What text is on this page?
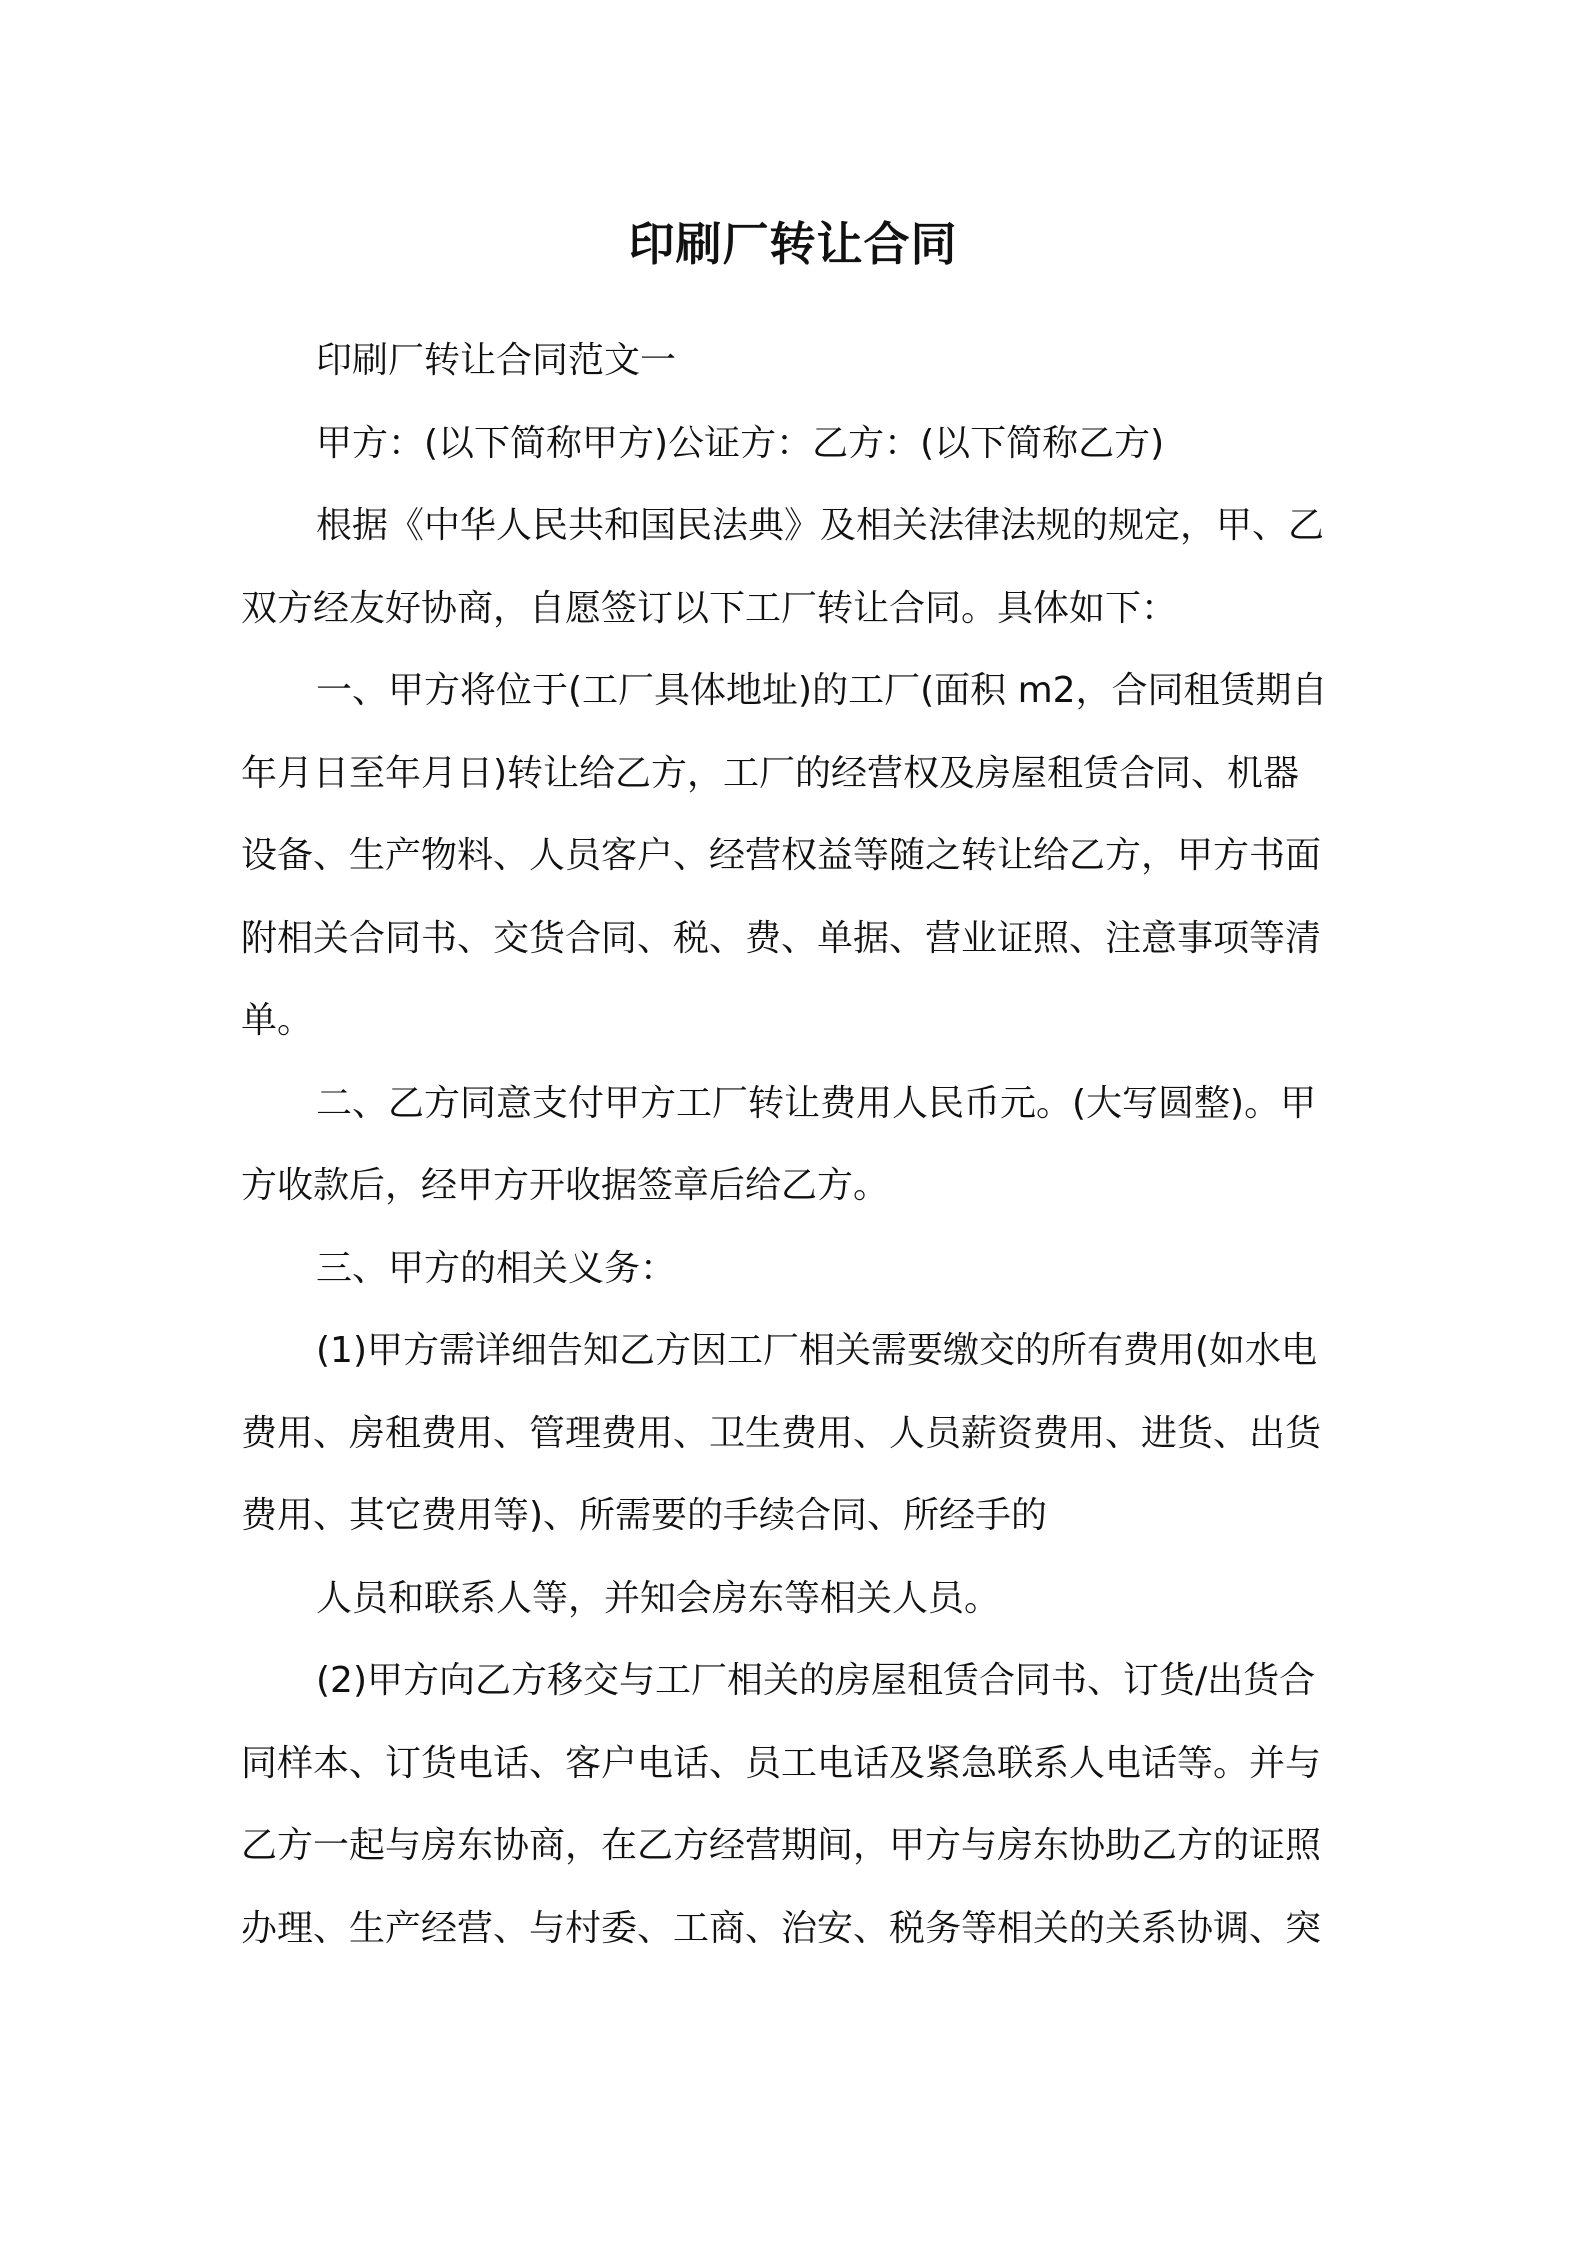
印刷厂转让合同
印刷厂转让合同范文一
甲方：(以下简称甲方)公证方：乙方：(以下简称乙方)
根据《中华人民共和国民法典》及相关法律法规的规定，甲、乙
双方经友好协商，自愿签订以下工厂转让合同。具体如下：
一、甲方将位于(工厂具体地址)的工厂(面积 m2，合同租赁期自
年月日至年月日)转让给乙方，工厂的经营权及房屋租赁合同、机器
设备、生产物料、人员客户、经营权益等随之转让给乙方，甲方书面
附相关合同书、交货合同、税、费、单据、营业证照、注意事项等清
单。
二、乙方同意支付甲方工厂转让费用人民币元。(大写圆整)。甲
方收款后，经甲方开收据签章后给乙方。
三、甲方的相关义务：
(1)甲方需详细告知乙方因工厂相关需要缴交的所有费用(如水电
费用、房租费用、管理费用、卫生费用、人员薪资费用、进货、出货
费用、其它费用等)、所需要的手续合同、所经手的
人员和联系人等，并知会房东等相关人员。
(2)甲方向乙方移交与工厂相关的房屋租赁合同书、订货/出货合
同样本、订货电话、客户电话、员工电话及紧急联系人电话等。并与
乙方一起与房东协商，在乙方经营期间，甲方与房东协助乙方的证照
办理、生产经营、与村委、工商、治安、税务等相关的关系协调、突
